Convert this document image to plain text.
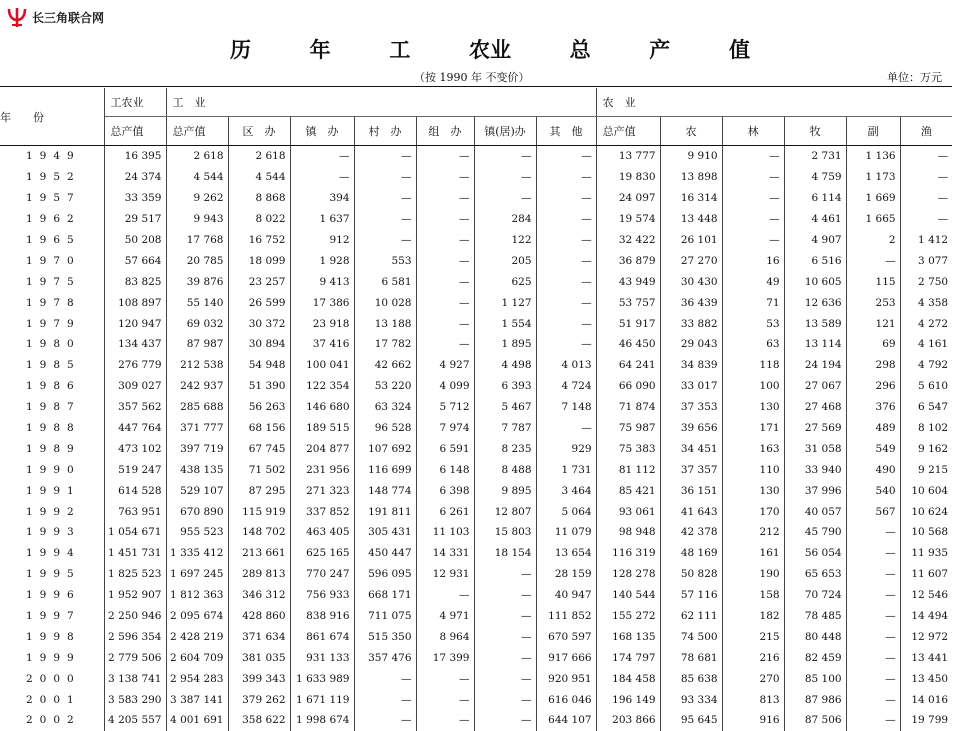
长三角联合网
历	年	工	农业	总	产	值
（按 1990 年 不变价）	单位：万元
年　　份	工农业	工　业							农　业					
	总产值	总产值	区　办	镇　办	村　办	组　办	镇(居)办	其　他	总产值	农	林	牧	副	渔
1949	16 395	2 618	2 618	—	—	—	—	—	13 777	9 910	—	2 731	1 136	—
1952	24 374	4 544	4 544	—	—	—	—	—	19 830	13 898	—	4 759	1 173	—
1957	33 359	9 262	8 868	394	—	—	—	—	24 097	16 314	—	6 114	1 669	—
1962	29 517	9 943	8 022	1 637	—	—	284	—	19 574	13 448	—	4 461	1 665	—
1965	50 208	17 768	16 752	912	—	—	122	—	32 422	26 101	—	4 907	2	1 412
1970	57 664	20 785	18 099	1 928	553	—	205	—	36 879	27 270	16	6 516	—	3 077
1975	83 825	39 876	23 257	9 413	6 581	—	625	—	43 949	30 430	49	10 605	115	2 750
1978	108 897	55 140	26 599	17 386	10 028	—	1 127	—	53 757	36 439	71	12 636	253	4 358
1979	120 947	69 032	30 372	23 918	13 188	—	1 554	—	51 917	33 882	53	13 589	121	4 272
1980	134 437	87 987	30 894	37 416	17 782	—	1 895	—	46 450	29 043	63	13 114	69	4 161
1985	276 779	212 538	54 948	100 041	42 662	4 927	4 498	4 013	64 241	34 839	118	24 194	298	4 792
1986	309 027	242 937	51 390	122 354	53 220	4 099	6 393	4 724	66 090	33 017	100	27 067	296	5 610
1987	357 562	285 688	56 263	146 680	63 324	5 712	5 467	7 148	71 874	37 353	130	27 468	376	6 547
1988	447 764	371 777	68 156	189 515	96 528	7 974	7 787	—	75 987	39 656	171	27 569	489	8 102
1989	473 102	397 719	67 745	204 877	107 692	6 591	8 235	929	75 383	34 451	163	31 058	549	9 162
1990	519 247	438 135	71 502	231 956	116 699	6 148	8 488	1 731	81 112	37 357	110	33 940	490	9 215
1991	614 528	529 107	87 295	271 323	148 774	6 398	9 895	3 464	85 421	36 151	130	37 996	540	10 604
1992	763 951	670 890	115 919	337 852	191 811	6 261	12 807	5 064	93 061	41 643	170	40 057	567	10 624
1993	1 054 671	955 523	148 702	463 405	305 431	11 103	15 803	11 079	98 948	42 378	212	45 790	—	10 568
1994	1 451 731	1 335 412	213 661	625 165	450 447	14 331	18 154	13 654	116 319	48 169	161	56 054	—	11 935
1995	1 825 523	1 697 245	289 813	770 247	596 095	12 931	—	28 159	128 278	50 828	190	65 653	—	11 607
1996	1 952 907	1 812 363	346 312	756 933	668 171	—	—	40 947	140 544	57 116	158	70 724	—	12 546
1997	2 250 946	2 095 674	428 860	838 916	711 075	4 971	—	111 852	155 272	62 111	182	78 485	—	14 494
1998	2 596 354	2 428 219	371 634	861 674	515 350	8 964	—	670 597	168 135	74 500	215	80 448	—	12 972
1999	2 779 506	2 604 709	381 035	931 133	357 476	17 399	—	917 666	174 797	78 681	216	82 459	—	13 441
2000	3 138 741	2 954 283	399 343	1 633 989	—	—	—	920 951	184 458	85 638	270	85 100	—	13 450
2001	3 583 290	3 387 141	379 262	1 671 119	—	—	—	616 046	196 149	93 334	813	87 986	—	14 016
2002	4 205 557	4 001 691	358 622	1 998 674	—	—	—	644 107	203 866	95 645	916	87 506	—	19 799
